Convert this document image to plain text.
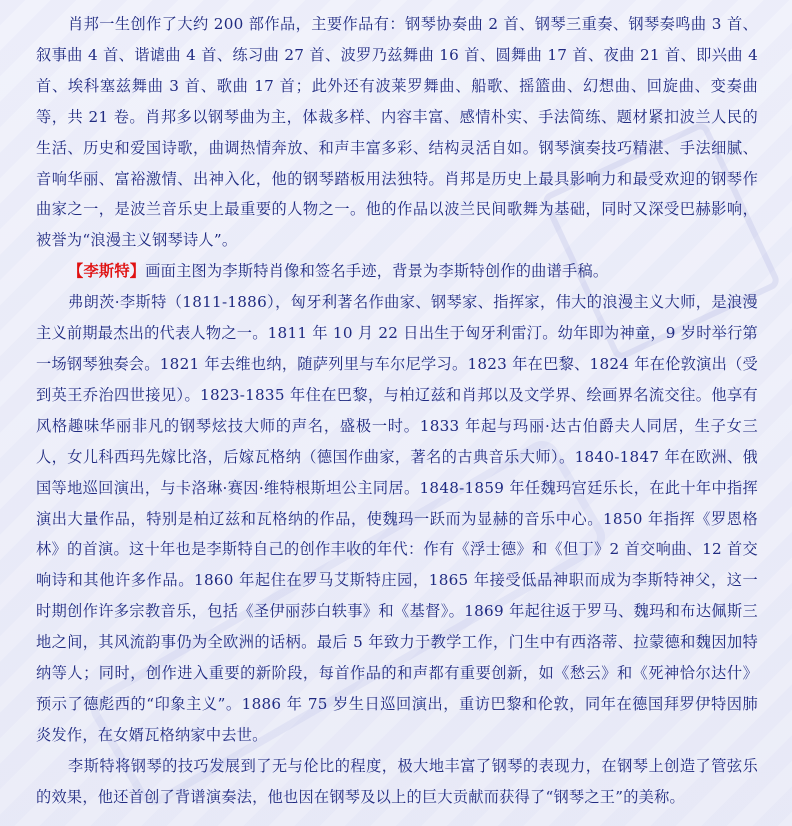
肖邦一生创作了大约 200 部作品，主要作品有：钢琴协奏曲 2 首、钢琴三重奏、钢琴奏鸣曲 3 首、叙事曲 4 首、谐谑曲 4 首、练习曲 27 首、波罗乃兹舞曲 16 首、圆舞曲 17 首、夜曲 21 首、即兴曲 4 首、埃科塞兹舞曲 3 首、歌曲 17 首；此外还有波莱罗舞曲、船歌、摇篮曲、幻想曲、回旋曲、变奏曲等，共 21 卷。肖邦多以钢琴曲为主，体裁多样、内容丰富、感情朴实、手法简练、题材紧扣波兰人民的生活、历史和爱国诗歌，曲调热情奔放、和声丰富多彩、结构灵活自如。钢琴演奏技巧精湛、手法细腻、音响华丽、富裕激情、出神入化，他的钢琴踏板用法独特。肖邦是历史上最具影响力和最受欢迎的钢琴作曲家之一，是波兰音乐史上最重要的人物之一。他的作品以波兰民间歌舞为基础，同时又深受巴赫影响，被誉为“浪漫主义钢琴诗人”。

【李斯特】画面主图为李斯特肖像和签名手迹，背景为李斯特创作的曲谱手稿。

弗朗茨·李斯特（1811-1886），匈牙利著名作曲家、钢琴家、指挥家，伟大的浪漫主义大师，是浪漫主义前期最杰出的代表人物之一。1811 年 10 月 22 日出生于匈牙利雷汀。幼年即为神童，9 岁时举行第一场钢琴独奏会。1821 年去维也纳，随萨列里与车尔尼学习。1823 年在巴黎、1824 年在伦敦演出（受到英王乔治四世接见）。1823-1835 年住在巴黎，与柏辽兹和肖邦以及文学界、绘画界名流交往。他享有风格趣味华丽非凡的钢琴炫技大师的声名，盛极一时。1833 年起与玛丽·达古伯爵夫人同居，生子女三人，女儿科西玛先嫁比洛，后嫁瓦格纳（德国作曲家，著名的古典音乐大师）。1840-1847 年在欧洲、俄国等地巡回演出，与卡洛琳·赛因·维特根斯坦公主同居。1848-1859 年任魏玛宫廷乐长，在此十年中指挥演出大量作品，特别是柏辽兹和瓦格纳的作品，使魏玛一跃而为显赫的音乐中心。1850 年指挥《罗恩格林》的首演。这十年也是李斯特自己的创作丰收的年代：作有《浮士德》和《但丁》2 首交响曲、12 首交响诗和其他许多作品。1860 年起住在罗马艾斯特庄园，1865 年接受低品神职而成为李斯特神父，这一时期创作许多宗教音乐，包括《圣伊丽莎白轶事》和《基督》。1869 年起往返于罗马、魏玛和布达佩斯三地之间，其风流韵事仍为全欧洲的话柄。最后 5 年致力于教学工作，门生中有西洛蒂、拉蒙德和魏因加特纳等人；同时，创作进入重要的新阶段，每首作品的和声都有重要创新，如《愁云》和《死神恰尔达什》预示了德彪西的“印象主义”。1886 年 75 岁生日巡回演出，重访巴黎和伦敦，同年在德国拜罗伊特因肺炎发作，在女婿瓦格纳家中去世。

李斯特将钢琴的技巧发展到了无与伦比的程度，极大地丰富了钢琴的表现力，在钢琴上创造了管弦乐的效果，他还首创了背谱演奏法，他也因在钢琴及以上的巨大贡献而获得了“钢琴之王”的美称。
